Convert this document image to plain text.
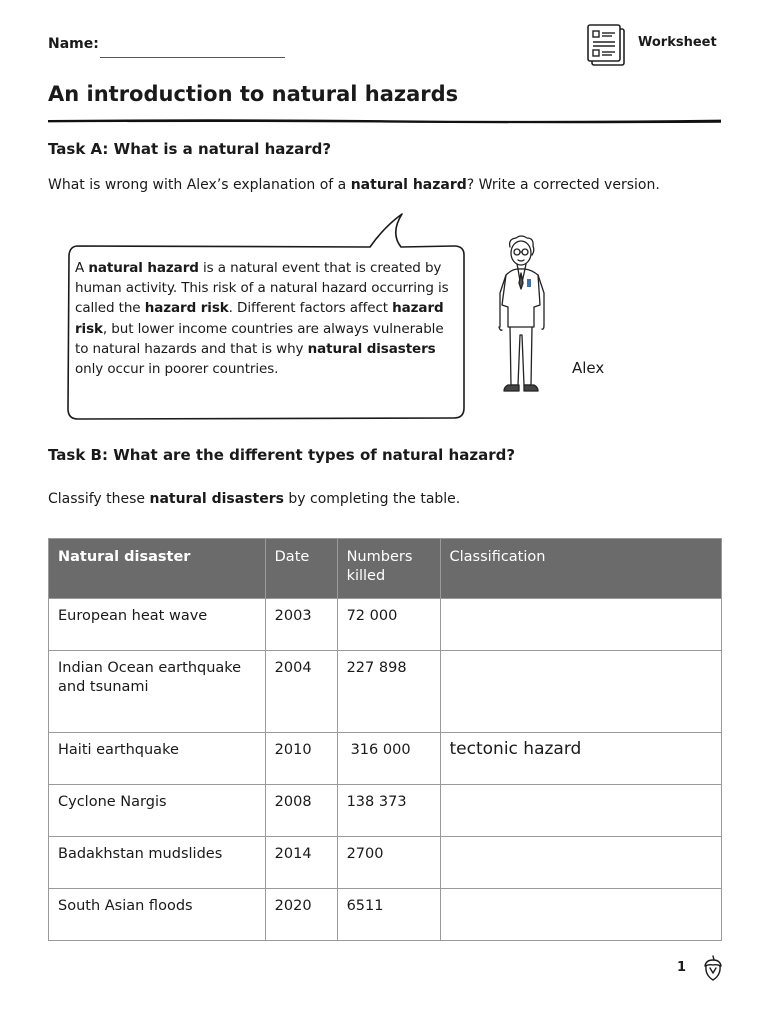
Name:	Worksheet
An introduction to natural hazards
Task A: What is a natural hazard?
What is wrong with Alex’s explanation of a natural hazard? Write a corrected version.
A natural hazard is a natural event that is created by human activity. This risk of a natural hazard occurring is called the hazard risk. Different factors affect hazard risk, but lower income countries are always vulnerable to natural hazards and that is why natural disasters only occur in poorer countries.	Alex
Task B: What are the different types of natural hazard?
Classify these natural disasters by completing the table.
Natural disaster	Date	Numbers killed	Classification
European heat wave	2003	72 000	
Indian Ocean earthquake and tsunami	2004	227 898	
Haiti earthquake	2010	316 000	tectonic hazard
Cyclone Nargis	2008	138 373	
Badakhstan mudslides	2014	2700	
South Asian floods	2020	6511	
1
